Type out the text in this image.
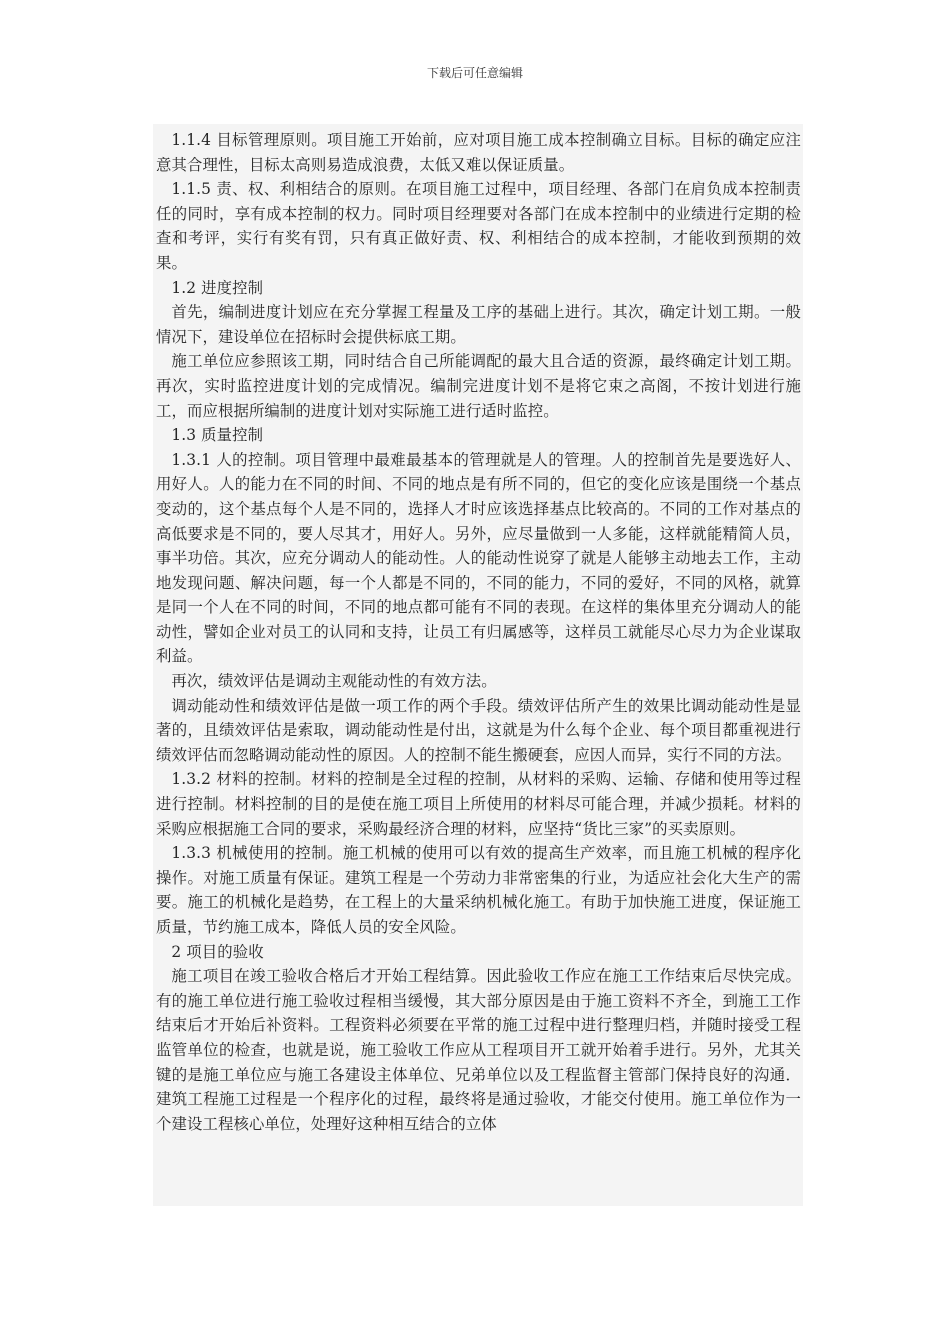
下载后可任意编辑

1.1.4 目标管理原则。项目施工开始前，应对项目施工成本控制确立目标。目标的确定应注意其合理性，目标太高则易造成浪费，太低又难以保证质量。

1.1.5 责、权、利相结合的原则。在项目施工过程中，项目经理、各部门在肩负成本控制责任的同时，享有成本控制的权力。同时项目经理要对各部门在成本控制中的业绩进行定期的检查和考评，实行有奖有罚，只有真正做好责、权、利相结合的成本控制，才能收到预期的效果。

1.2 进度控制

首先，编制进度计划应在充分掌握工程量及工序的基础上进行。其次，确定计划工期。一般情况下，建设单位在招标时会提供标底工期。

施工单位应参照该工期，同时结合自己所能调配的最大且合适的资源，最终确定计划工期。再次，实时监控进度计划的完成情况。编制完进度计划不是将它束之高阁，不按计划进行施工，而应根据所编制的进度计划对实际施工进行适时监控。

1.3 质量控制

1.3.1 人的控制。项目管理中最难最基本的管理就是人的管理。人的控制首先是要选好人、用好人。人的能力在不同的时间、不同的地点是有所不同的，但它的变化应该是围绕一个基点变动的，这个基点每个人是不同的，选择人才时应该选择基点比较高的。不同的工作对基点的高低要求是不同的，要人尽其才，用好人。另外，应尽量做到一人多能，这样就能精简人员，事半功倍。其次，应充分调动人的能动性。人的能动性说穿了就是人能够主动地去工作，主动地发现问题、解决问题，每一个人都是不同的，不同的能力，不同的爱好，不同的风格，就算是同一个人在不同的时间，不同的地点都可能有不同的表现。在这样的集体里充分调动人的能动性，譬如企业对员工的认同和支持，让员工有归属感等，这样员工就能尽心尽力为企业谋取利益。

再次，绩效评估是调动主观能动性的有效方法。

调动能动性和绩效评估是做一项工作的两个手段。绩效评估所产生的效果比调动能动性是显著的，且绩效评估是索取，调动能动性是付出，这就是为什么每个企业、每个项目都重视进行绩效评估而忽略调动能动性的原因。人的控制不能生搬硬套，应因人而异，实行不同的方法。

1.3.2 材料的控制。材料的控制是全过程的控制，从材料的采购、运输、存储和使用等过程进行控制。材料控制的目的是使在施工项目上所使用的材料尽可能合理，并减少损耗。材料的采购应根据施工合同的要求，采购最经济合理的材料，应坚持“货比三家”的买卖原则。

1.3.3 机械使用的控制。施工机械的使用可以有效的提高生产效率，而且施工机械的程序化操作。对施工质量有保证。建筑工程是一个劳动力非常密集的行业，为适应社会化大生产的需要。施工的机械化是趋势，在工程上的大量采纳机械化施工。有助于加快施工进度，保证施工质量，节约施工成本，降低人员的安全风险。

2 项目的验收

施工项目在竣工验收合格后才开始工程结算。因此验收工作应在施工工作结束后尽快完成。有的施工单位进行施工验收过程相当缓慢，其大部分原因是由于施工资料不齐全，到施工工作结束后才开始后补资料。工程资料必须要在平常的施工过程中进行整理归档，并随时接受工程监管单位的检查，也就是说，施工验收工作应从工程项目开工就开始着手进行。另外，尤其关键的是施工单位应与施工各建设主体单位、兄弟单位以及工程监督主管部门保持良好的沟通．建筑工程施工过程是一个程序化的过程，最终将是通过验收，才能交付使用。施工单位作为一个建设工程核心单位，处理好这种相互结合的立体
